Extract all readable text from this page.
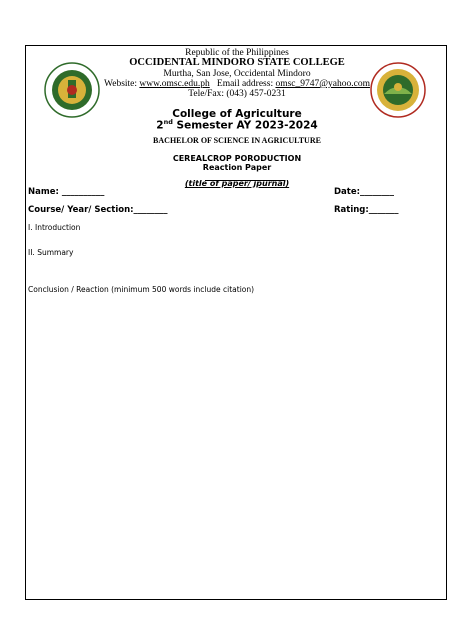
Republic of the Philippines
OCCIDENTAL MINDORO STATE COLLEGE
Murtha, San Jose, Occidental Mindoro
Website: www.omsc.edu.ph Email address: omsc_9747@yahoo.com
Tele/Fax: (043) 457-0231
College of Agriculture
2nd Semester AY 2023-2024
BACHELOR OF SCIENCE IN AGRICULTURE
CEREALCROP PORODUCTION
Reaction Paper
(title of paper/ jpurnal)
Name: __________	Date:________
Course/ Year/ Section:________	Rating:_______
I. Introduction
II. Summary
Conclusion / Reaction (minimum 500 words include citation)
